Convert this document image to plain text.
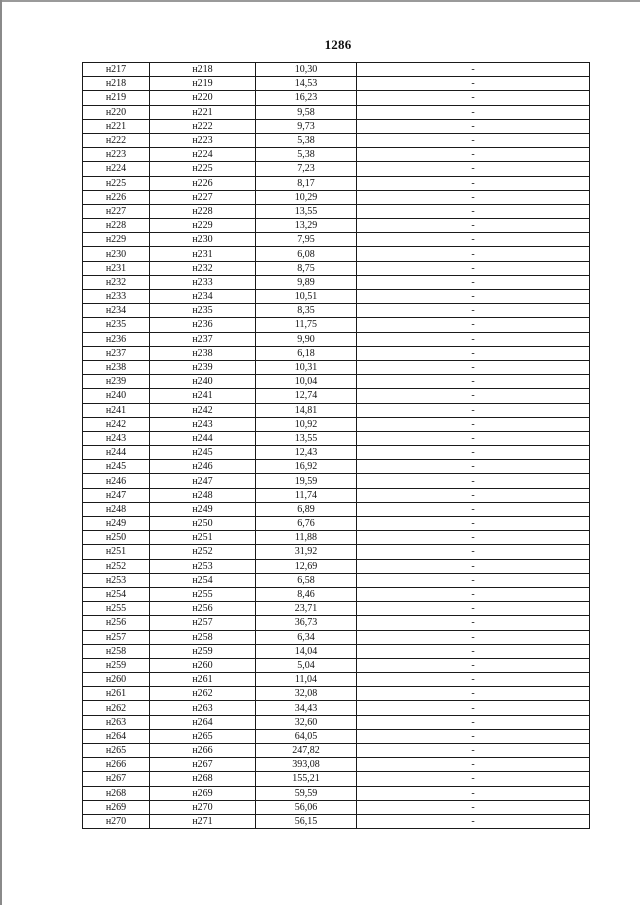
1286
н217	н218	10,30	-
н218	н219	14,53	-
н219	н220	16,23	-
н220	н221	9,58	-
н221	н222	9,73	-
н222	н223	5,38	-
н223	н224	5,38	-
н224	н225	7,23	-
н225	н226	8,17	-
н226	н227	10,29	-
н227	н228	13,55	-
н228	н229	13,29	-
н229	н230	7,95	-
н230	н231	6,08	-
н231	н232	8,75	-
н232	н233	9,89	-
н233	н234	10,51	-
н234	н235	8,35	-
н235	н236	11,75	-
н236	н237	9,90	-
н237	н238	6,18	-
н238	н239	10,31	-
н239	н240	10,04	-
н240	н241	12,74	-
н241	н242	14,81	-
н242	н243	10,92	-
н243	н244	13,55	-
н244	н245	12,43	-
н245	н246	16,92	-
н246	н247	19,59	-
н247	н248	11,74	-
н248	н249	6,89	-
н249	н250	6,76	-
н250	н251	11,88	-
н251	н252	31,92	-
н252	н253	12,69	-
н253	н254	6,58	-
н254	н255	8,46	-
н255	н256	23,71	-
н256	н257	36,73	-
н257	н258	6,34	-
н258	н259	14,04	-
н259	н260	5,04	-
н260	н261	11,04	-
н261	н262	32,08	-
н262	н263	34,43	-
н263	н264	32,60	-
н264	н265	64,05	-
н265	н266	247,82	-
н266	н267	393,08	-
н267	н268	155,21	-
н268	н269	59,59	-
н269	н270	56,06	-
н270	н271	56,15	-
